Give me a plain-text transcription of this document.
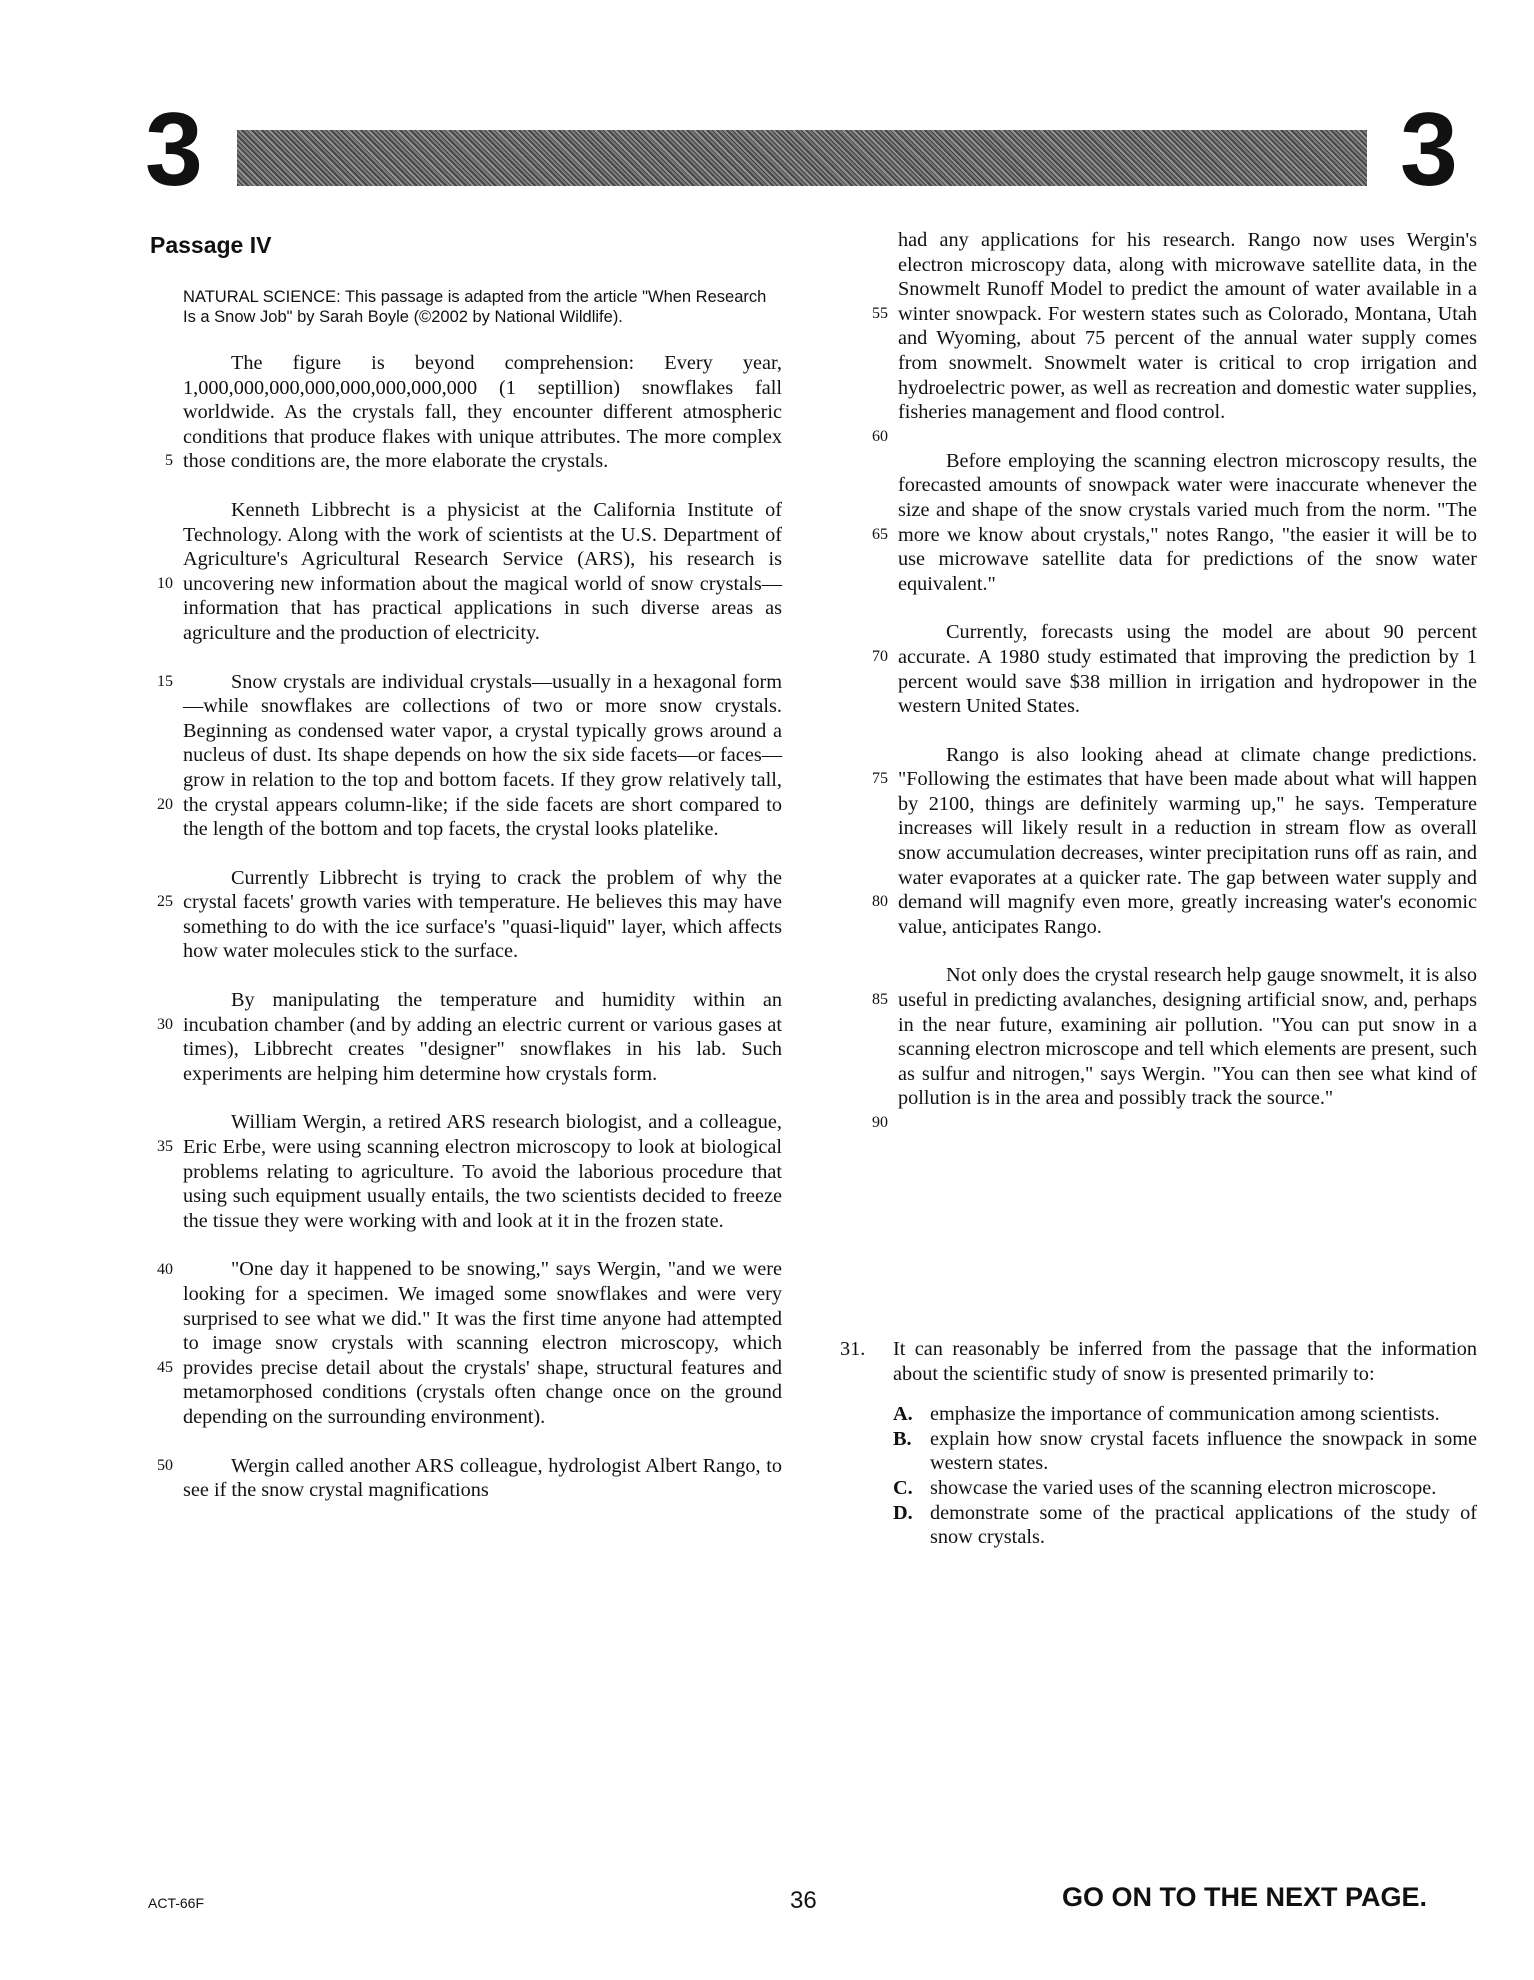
3	3
Passage IV
NATURAL SCIENCE: This passage is adapted from the article "When Research Is a Snow Job" by Sarah Boyle (©2002 by National Wildlife).
5
The figure is beyond comprehension: Every year, 1,000,000,000,000,000,000,000,000 (1 septillion) snowflakes fall worldwide. As the crystals fall, they encounter different atmospheric conditions that produce flakes with unique attributes. The more complex those conditions are, the more elaborate the crystals.
10
Kenneth Libbrecht is a physicist at the California Institute of Technology. Along with the work of scientists at the U.S. Department of Agriculture's Agricultural Research Service (ARS), his research is uncovering new information about the magical world of snow crystals—information that has practical applications in such diverse areas as agriculture and the production of electricity.
15
20
Snow crystals are individual crystals—usually in a hexagonal form—while snowflakes are collections of two or more snow crystals. Beginning as condensed water vapor, a crystal typically grows around a nucleus of dust. Its shape depends on how the six side facets—or faces—grow in relation to the top and bottom facets. If they grow relatively tall, the crystal appears column-like; if the side facets are short compared to the length of the bottom and top facets, the crystal looks platelike.
25
Currently Libbrecht is trying to crack the problem of why the crystal facets' growth varies with temperature. He believes this may have something to do with the ice surface's "quasi-liquid" layer, which affects how water molecules stick to the surface.
30
By manipulating the temperature and humidity within an incubation chamber (and by adding an electric current or various gases at times), Libbrecht creates "designer" snowflakes in his lab. Such experiments are helping him determine how crystals form.
35
40
William Wergin, a retired ARS research biologist, and a colleague, Eric Erbe, were using scanning electron microscopy to look at biological problems relating to agriculture. To avoid the laborious procedure that using such equipment usually entails, the two scientists decided to freeze the tissue they were working with and look at it in the frozen state.
45
"One day it happened to be snowing," says Wergin, "and we were looking for a specimen. We imaged some snowflakes and were very surprised to see what we did." It was the first time anyone had attempted to image snow crystals with scanning electron microscopy, which provides precise detail about the crystals' shape, structural features and metamorphosed conditions (crystals often change once on the ground depending on the surrounding environment).
50	Wergin called another ARS colleague, hydrologist Albert Rango, to see if the snow crystal magnifications
55
60
had any applications for his research. Rango now uses Wergin's electron microscopy data, along with microwave satellite data, in the Snowmelt Runoff Model to predict the amount of water available in a winter snowpack. For western states such as Colorado, Montana, Utah and Wyoming, about 75 percent of the annual water supply comes from snowmelt. Snowmelt water is critical to crop irrigation and hydroelectric power, as well as recreation and domestic water supplies, fisheries management and flood control.
65
Before employing the scanning electron microscopy results, the forecasted amounts of snowpack water were inaccurate whenever the size and shape of the snow crystals varied much from the norm. "The more we know about crystals," notes Rango, "the easier it will be to use microwave satellite data for predictions of the snow water equivalent."
70
Currently, forecasts using the model are about 90 percent accurate. A 1980 study estimated that improving the prediction by 1 percent would save $38 million in irrigation and hydropower in the western United States.
75
80
Rango is also looking ahead at climate change predictions. "Following the estimates that have been made about what will happen by 2100, things are definitely warming up," he says. Temperature increases will likely result in a reduction in stream flow as overall snow accumulation decreases, winter precipitation runs off as rain, and water evaporates at a quicker rate. The gap between water supply and demand will magnify even more, greatly increasing water's economic value, anticipates Rango.
85
90
Not only does the crystal research help gauge snowmelt, it is also useful in predicting avalanches, designing artificial snow, and, perhaps in the near future, examining air pollution. "You can put snow in a scanning electron microscope and tell which elements are present, such as sulfur and nitrogen," says Wergin. "You can then see what kind of pollution is in the area and possibly track the source."
31. It can reasonably be inferred from the passage that the information about the scientific study of snow is presented primarily to:
A. emphasize the importance of communication among scientists.
B. explain how snow crystal facets influence the snowpack in some western states.
C. showcase the varied uses of the scanning electron microscope.
D. demonstrate some of the practical applications of the study of snow crystals.
ACT-66F	36	GO ON TO THE NEXT PAGE.
